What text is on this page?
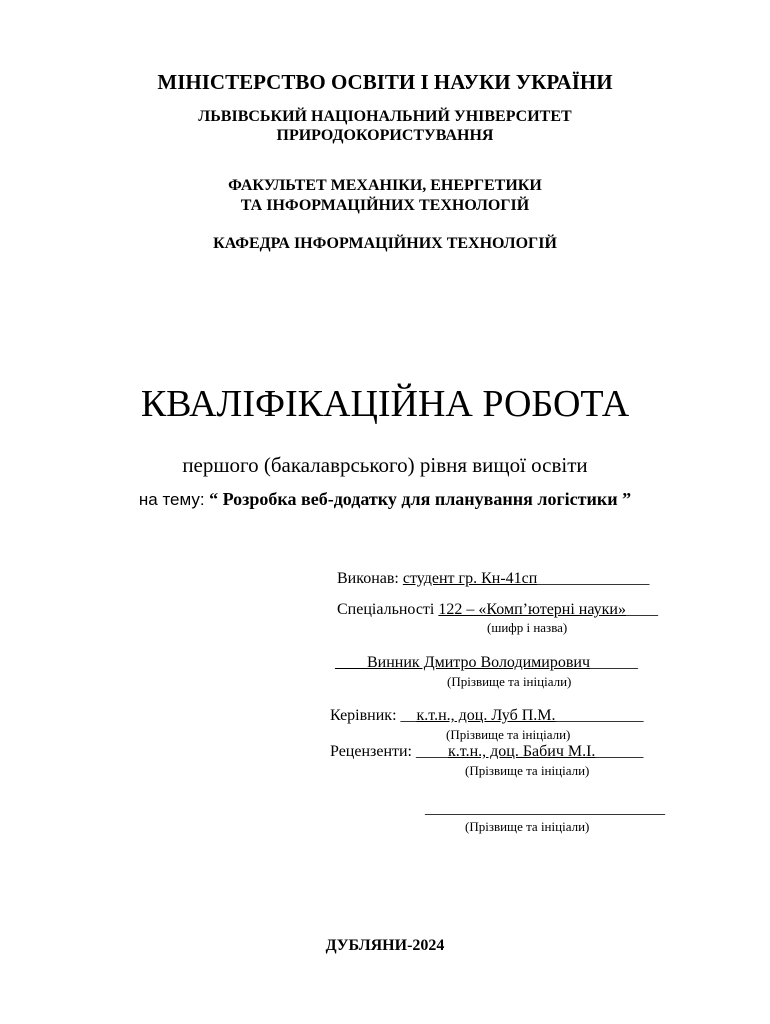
МІНІСТЕРСТВО ОСВІТИ І НАУКИ УКРАЇНИ
ЛЬВІВСЬКИЙ НАЦІОНАЛЬНИЙ УНІВЕРСИТЕТ
ПРИРОДОКОРИСТУВАННЯ
ФАКУЛЬТЕТ МЕХАНІКИ, ЕНЕРГЕТИКИ
ТА ІНФОРМАЦІЙНИХ ТЕХНОЛОГІЙ
КАФЕДРА ІНФОРМАЦІЙНИХ ТЕХНОЛОГІЙ
КВАЛІФІКАЦІЙНА РОБОТА
першого (бакалаврського) рівня вищої освіти
на тему: “ Розробка веб-додатку для планування логістики ”
Виконав: студент гр. Кн-41сп______________
Спеціальності 122 – «Комп’ютерні науки»____
(шифр і назва)
____Винник Дмитро Володимирович______
(Прізвище та ініціали)
Керівник: __к.т.н., доц. Луб П.М.___________
(Прізвище та ініціали)
Рецензенти: ____к.т.н., доц. Бабич М.І.______
(Прізвище та ініціали)
______________________________
(Прізвище та ініціали)
ДУБЛЯНИ-2024
